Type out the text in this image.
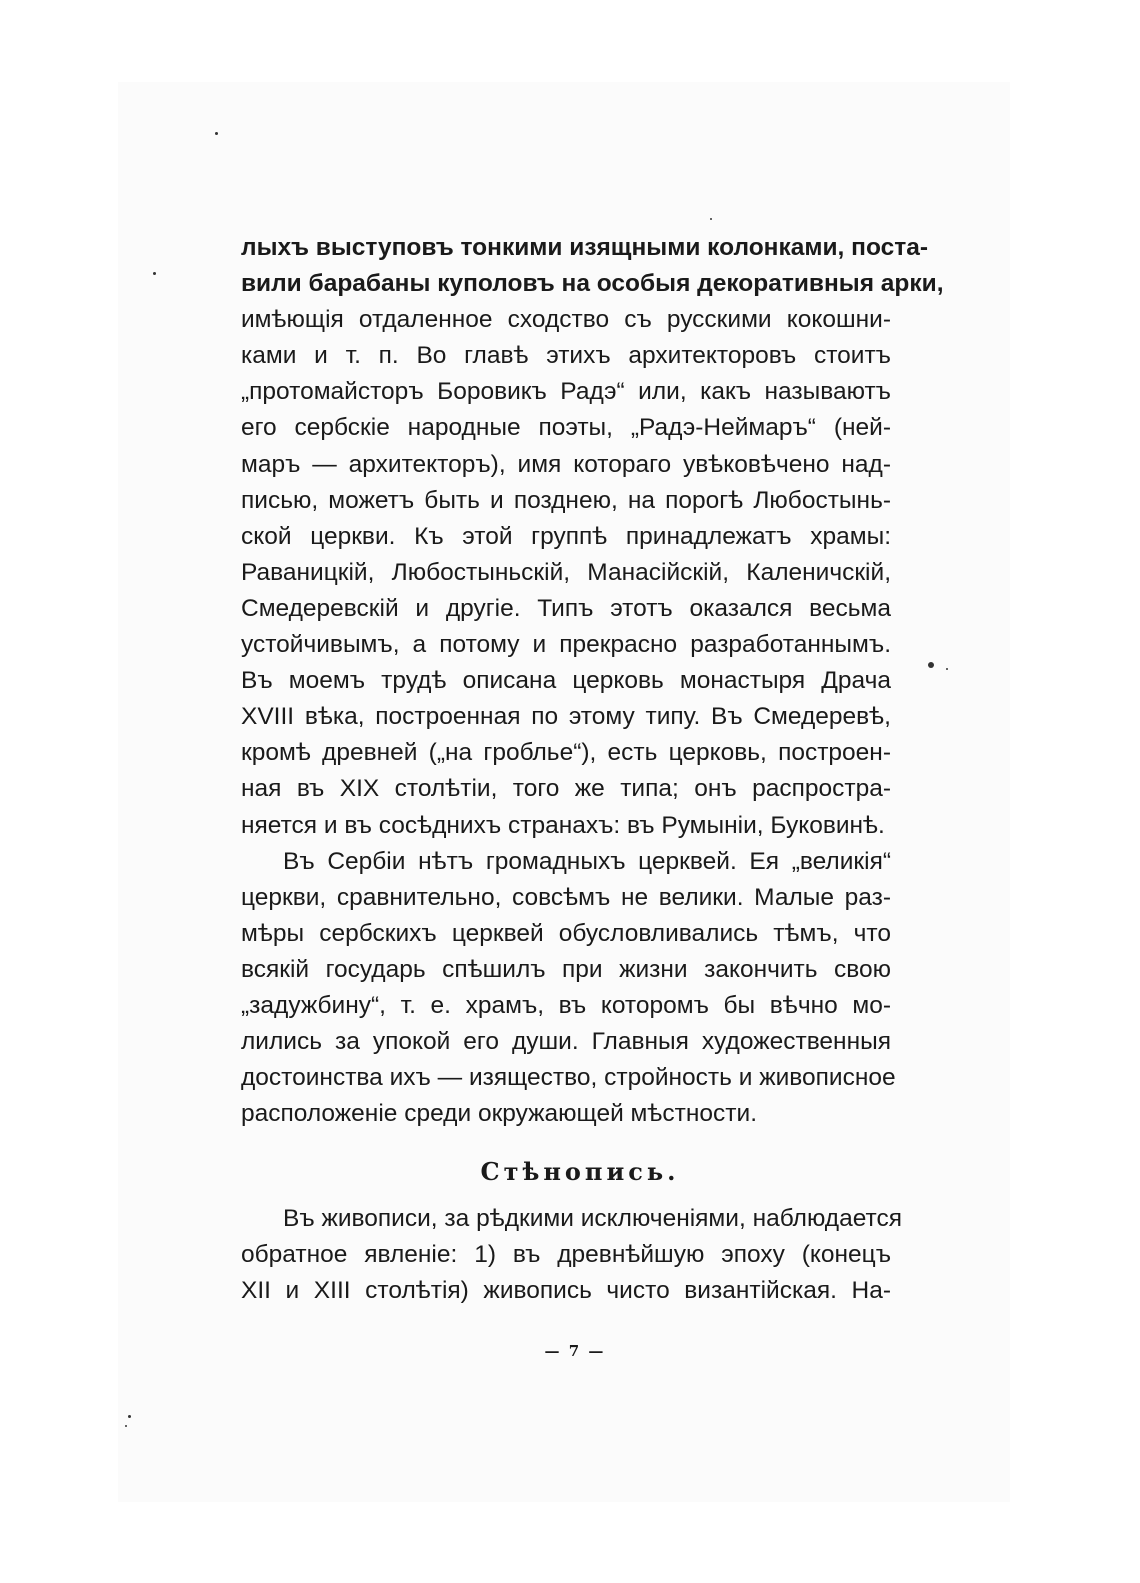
лыхъ выступовъ тонкими изящными колонками, поста-
вили барабаны куполовъ на особыя декоративныя арки,
имѣющія отдаленное сходство съ русскими кокошни-
ками и т. п. Во главѣ этихъ архитекторовъ стоитъ
„протомайсторъ Боровикъ Радэ“ или, какъ называютъ
его сербскіе народные поэты, „Радэ-Неймаръ“ (ней-
маръ — архитекторъ), имя котораго увѣковѣчено над-
писью, можетъ быть и позднею, на порогѣ Любостынь-
ской церкви. Къ этой группѣ принадлежатъ храмы:
Раваницкій, Любостыньскій, Манасійскій, Каленичскій,
Смедеревскій и другіе. Типъ этотъ оказался весьма
устойчивымъ, а потому и прекрасно разработаннымъ.
Въ моемъ трудѣ описана церковь монастыря Драча
XVIII вѣка, построенная по этому типу. Въ Смедеревѣ,
кромѣ древней („на гробльe“), есть церковь, построен-
ная въ XIX столѣтіи, того же типа; онъ распростра-
няется и въ сосѣднихъ странахъ: въ Румыніи, Буковинѣ.
Въ Сербіи нѣтъ громадныхъ церквей. Ея „великія“
церкви, сравнительно, совсѣмъ не велики. Малые раз-
мѣры сербскихъ церквей обусловливались тѣмъ, что
всякій государь спѣшилъ при жизни закончить свою
„задужбину“, т. е. храмъ, въ которомъ бы вѣчно мо-
лились за упокой его души. Главныя художественныя
достоинства ихъ — изящество, стройность и живописное
расположеніе среди окружающей мѣстности.
Стѣнопись.
Въ живописи, за рѣдкими исключеніями, наблюдается
обратное явленіе: 1) въ древнѣйшую эпоху (конецъ
XII и XIII столѣтія) живопись чисто византійская. На-
— 7 —
